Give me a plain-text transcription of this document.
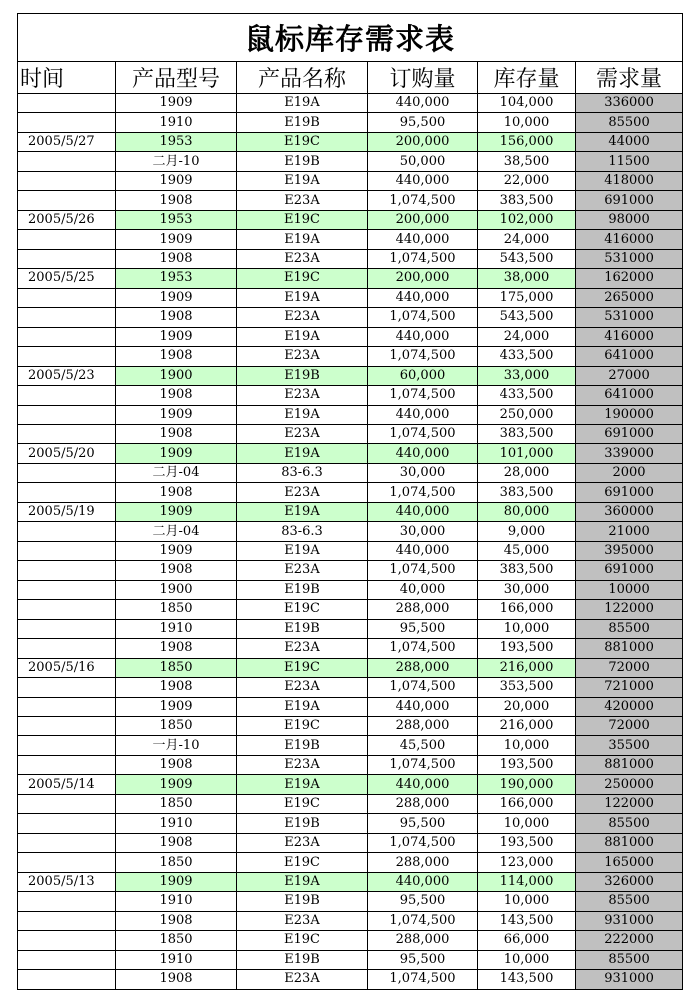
鼠标库存需求表					
时间	产品型号	产品名称	订购量	库存量	需求量
	1909	E19A	440,000	104,000	336000
	1910	E19B	95,500	10,000	85500
2005/5/27	1953	E19C	200,000	156,000	44000
	二月-10	E19B	50,000	38,500	11500
	1909	E19A	440,000	22,000	418000
	1908	E23A	1,074,500	383,500	691000
2005/5/26	1953	E19C	200,000	102,000	98000
	1909	E19A	440,000	24,000	416000
	1908	E23A	1,074,500	543,500	531000
2005/5/25	1953	E19C	200,000	38,000	162000
	1909	E19A	440,000	175,000	265000
	1908	E23A	1,074,500	543,500	531000
	1909	E19A	440,000	24,000	416000
	1908	E23A	1,074,500	433,500	641000
2005/5/23	1900	E19B	60,000	33,000	27000
	1908	E23A	1,074,500	433,500	641000
	1909	E19A	440,000	250,000	190000
	1908	E23A	1,074,500	383,500	691000
2005/5/20	1909	E19A	440,000	101,000	339000
	二月-04	83-6.3	30,000	28,000	2000
	1908	E23A	1,074,500	383,500	691000
2005/5/19	1909	E19A	440,000	80,000	360000
	二月-04	83-6.3	30,000	9,000	21000
	1909	E19A	440,000	45,000	395000
	1908	E23A	1,074,500	383,500	691000
	1900	E19B	40,000	30,000	10000
	1850	E19C	288,000	166,000	122000
	1910	E19B	95,500	10,000	85500
	1908	E23A	1,074,500	193,500	881000
2005/5/16	1850	E19C	288,000	216,000	72000
	1908	E23A	1,074,500	353,500	721000
	1909	E19A	440,000	20,000	420000
	1850	E19C	288,000	216,000	72000
	一月-10	E19B	45,500	10,000	35500
	1908	E23A	1,074,500	193,500	881000
2005/5/14	1909	E19A	440,000	190,000	250000
	1850	E19C	288,000	166,000	122000
	1910	E19B	95,500	10,000	85500
	1908	E23A	1,074,500	193,500	881000
	1850	E19C	288,000	123,000	165000
2005/5/13	1909	E19A	440,000	114,000	326000
	1910	E19B	95,500	10,000	85500
	1908	E23A	1,074,500	143,500	931000
	1850	E19C	288,000	66,000	222000
	1910	E19B	95,500	10,000	85500
	1908	E23A	1,074,500	143,500	931000
